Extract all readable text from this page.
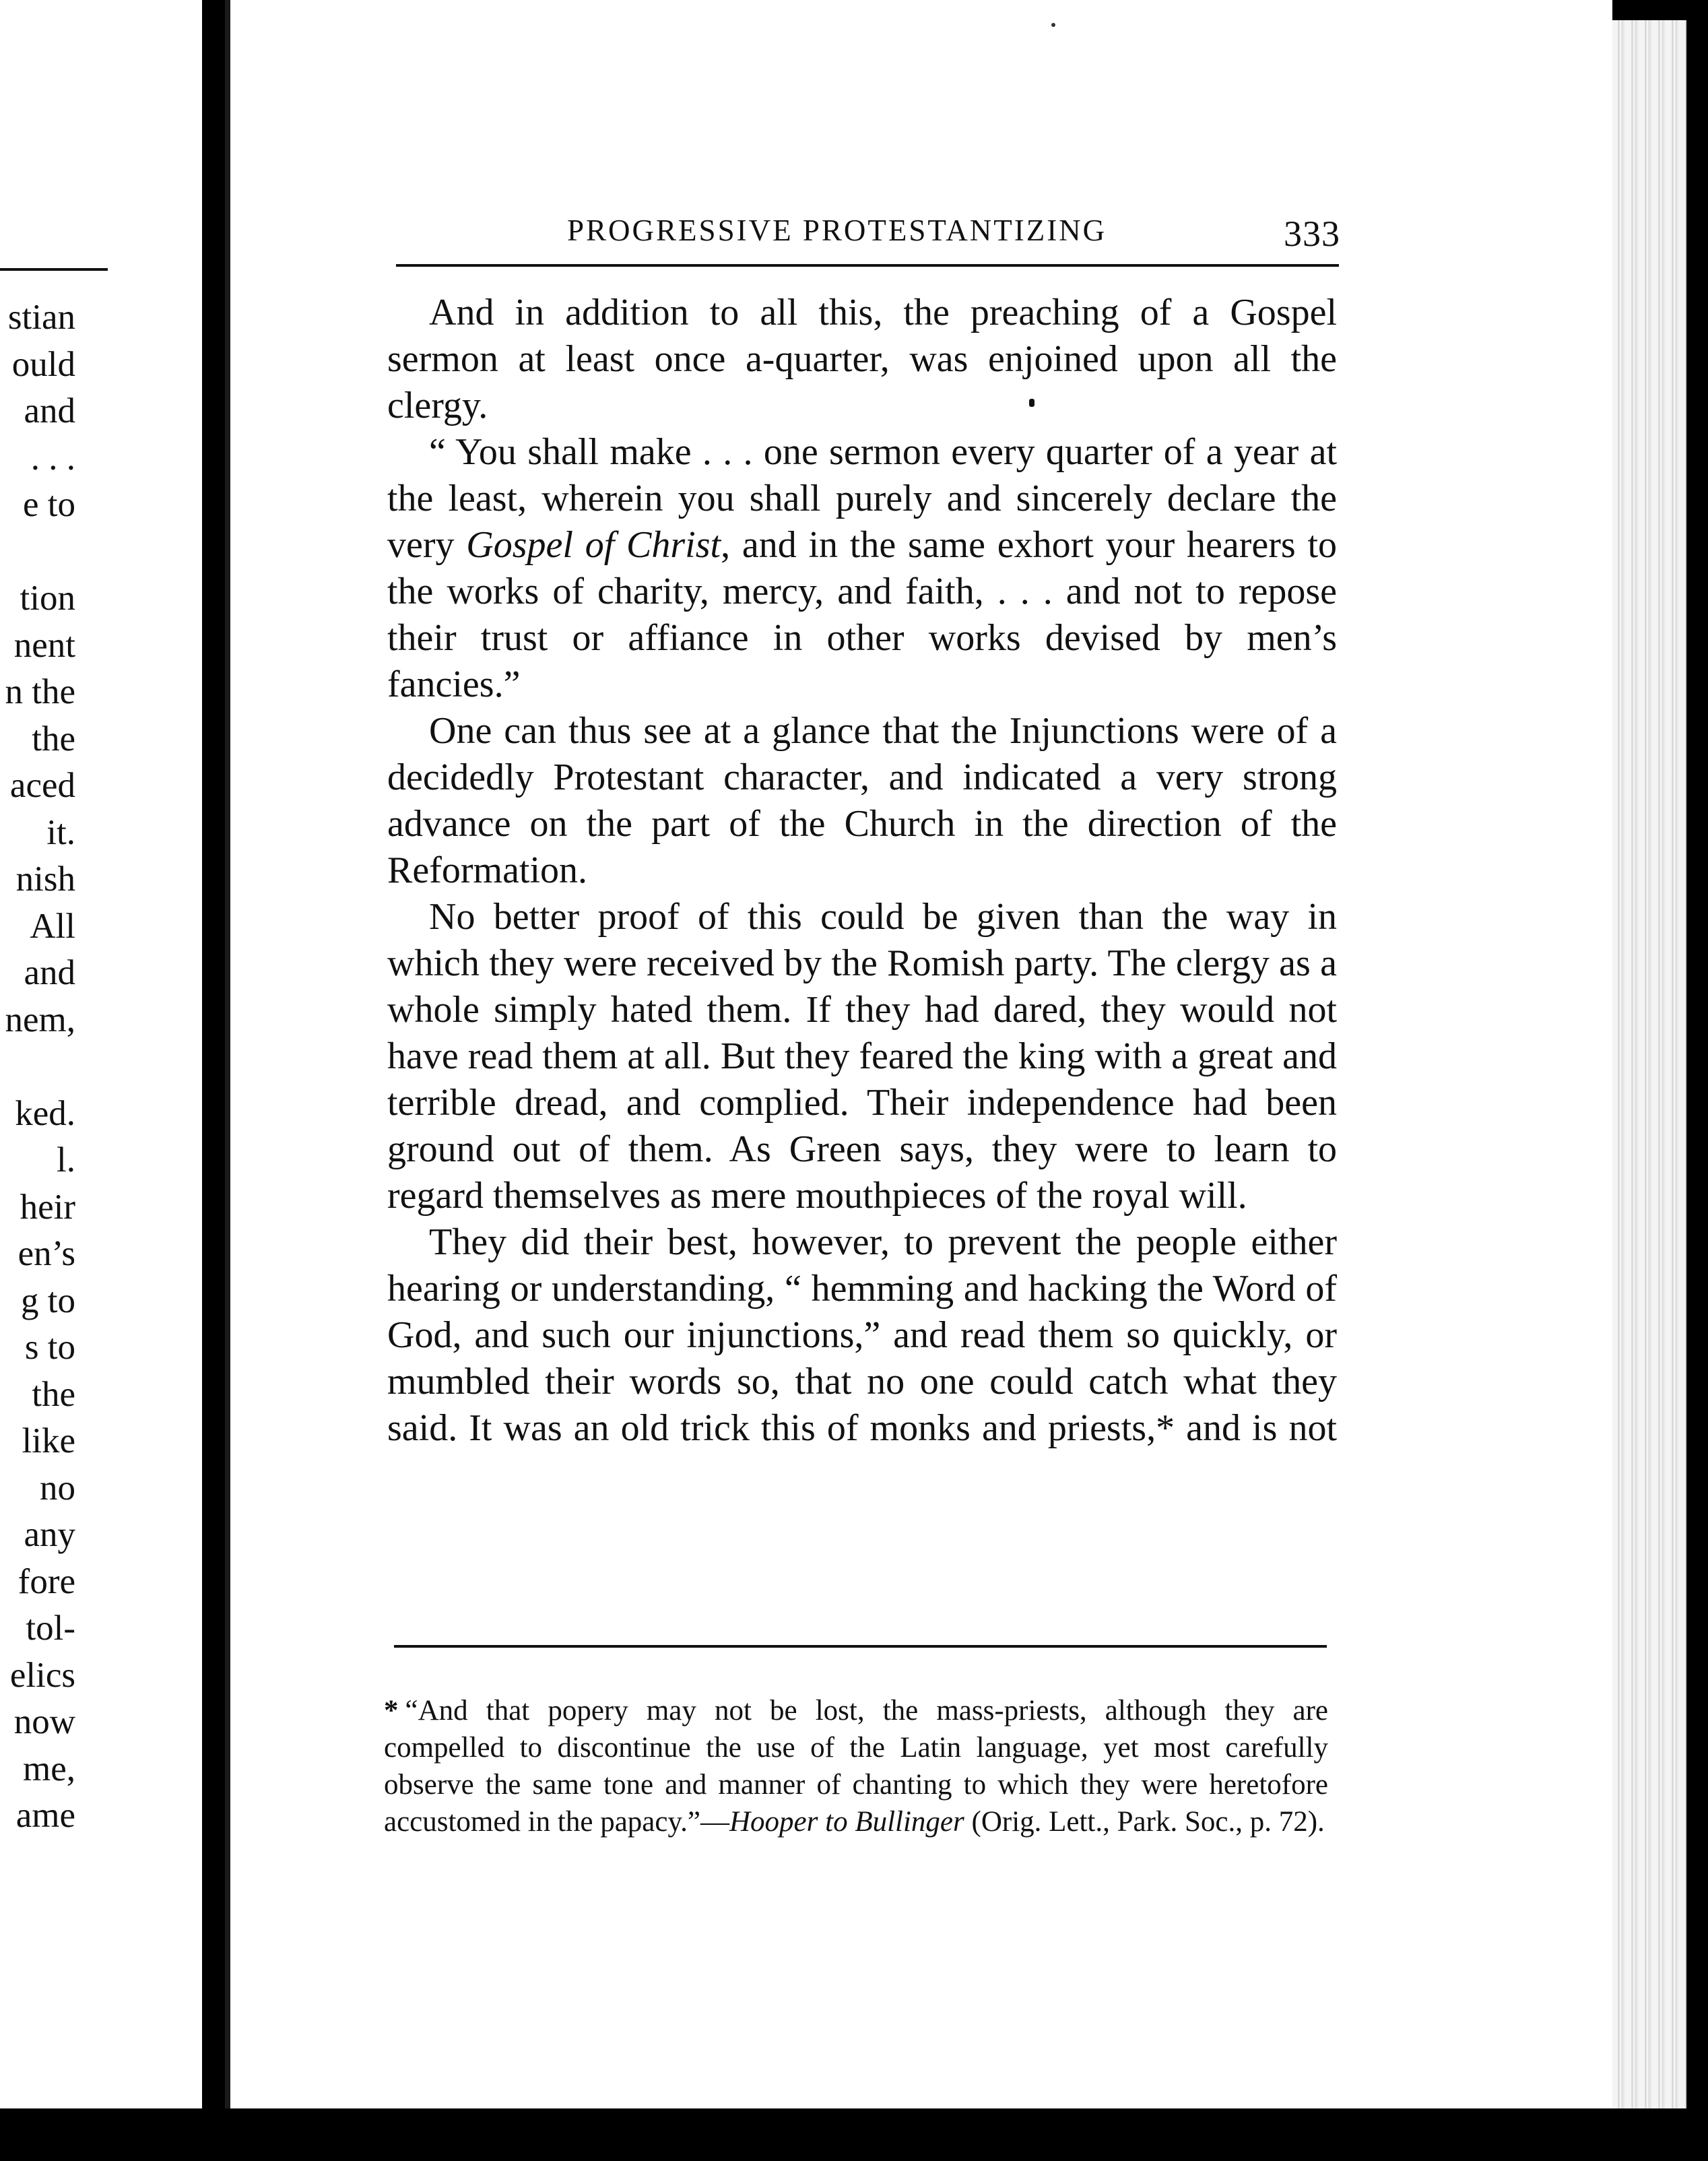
stian
ould
and
. . .
e to
tion
nent
n the
the
aced
it.
nish
All
and
nem,
ked.
l.
heir
en’s
g to
s to
the
like
no
any
fore
tol-
elics
now
me,
ame
PROGRESSIVE PROTESTANTIZING	333

And in addition to all this, the preaching of a Gospel sermon at least once a-quarter, was enjoined upon all the clergy.

“ You shall make . . . one sermon every quarter of a year at the least, wherein you shall purely and sincerely declare the very Gospel of Christ, and in the same exhort your hearers to the works of charity, mercy, and faith, . . . and not to repose their trust or affiance in other works devised by men’s fancies.”

One can thus see at a glance that the Injunctions were of a decidedly Protestant character, and indicated a very strong advance on the part of the Church in the direction of the Reformation.

No better proof of this could be given than the way in which they were received by the Romish party. The clergy as a whole simply hated them. If they had dared, they would not have read them at all. But they feared the king with a great and terrible dread, and complied. Their independence had been ground out of them. As Green says, they were to learn to regard themselves as mere mouthpieces of the royal will.

They did their best, however, to prevent the people either hearing or understanding, “ hemming and hacking the Word of God, and such our injunctions,” and read them so quickly, or mumbled their words so, that no one could catch what they said. It was an old trick this of monks and priests,* and is not

* “And that popery may not be lost, the mass-priests, although they are compelled to discontinue the use of the Latin language, yet most carefully observe the same tone and manner of chanting to which they were heretofore accustomed in the papacy.”—Hooper to Bullinger (Orig. Lett., Park. Soc., p. 72).
